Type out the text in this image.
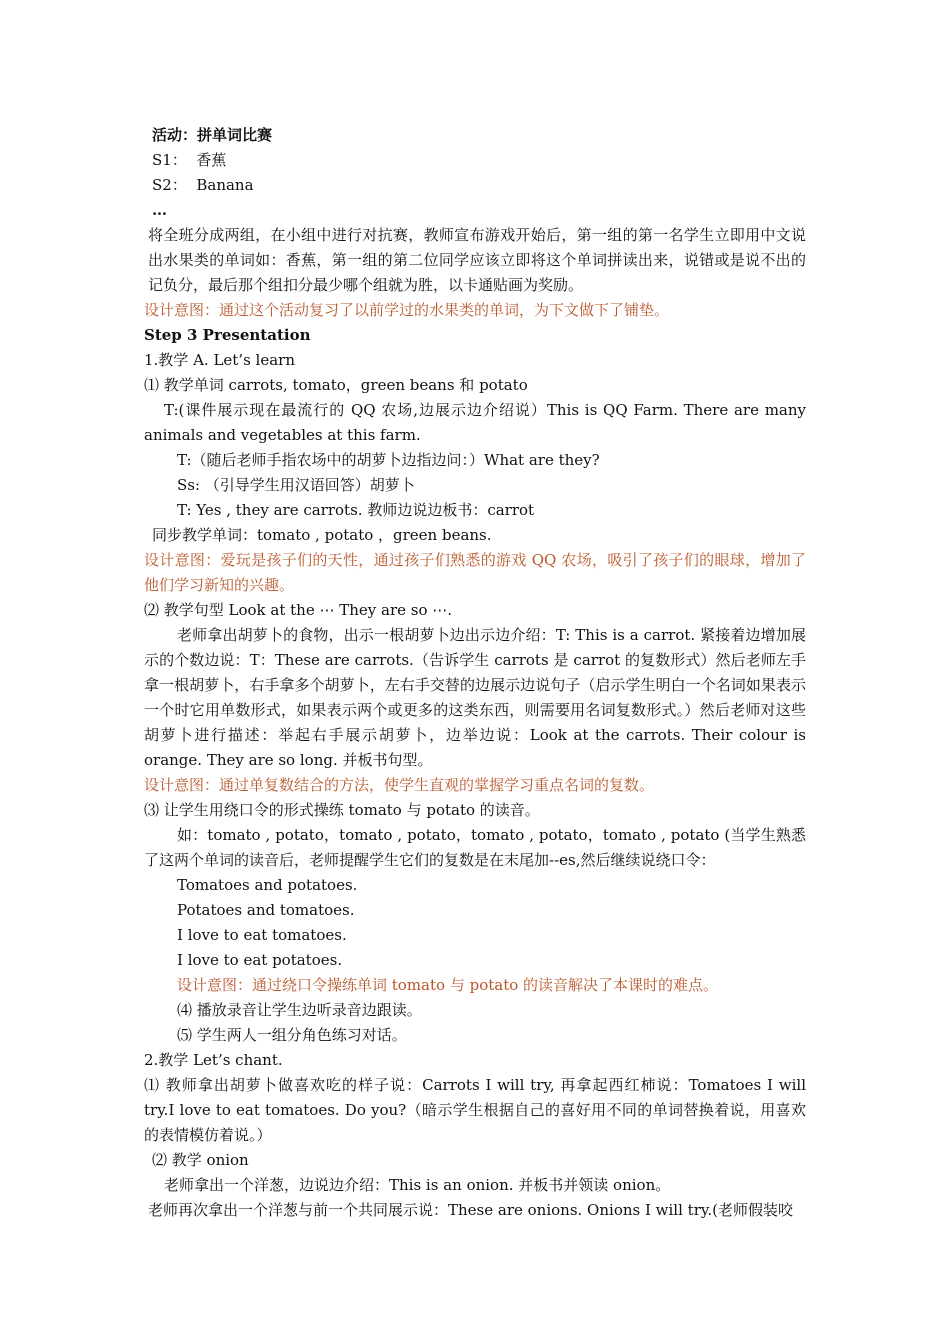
活动：拼单词比赛
S1：  香蕉
S2：  Banana
…
将全班分成两组，在小组中进行对抗赛，教师宣布游戏开始后，第一组的第一名学生立即用中文说出水果类的单词如：香蕉，第一组的第二位同学应该立即将这个单词拼读出来，说错或是说不出的记负分，最后那个组扣分最少哪个组就为胜，以卡通贴画为奖励。
设计意图：通过这个活动复习了以前学过的水果类的单词，为下文做下了铺垫。
Step 3 Presentation
1.教学 A. Let’s learn
⑴ 教学单词 carrots, tomato，green beans 和 potato
T:(课件展示现在最流行的 QQ 农场,边展示边介绍说）This is QQ Farm. There are many animals and vegetables at this farm.
T:（随后老师手指农场中的胡萝卜边指边问：）What are they?
Ss: （引导学生用汉语回答）胡萝卜
T: Yes , they are carrots. 教师边说边板书：carrot
同步教学单词：tomato , potato ，green beans.
设计意图：爱玩是孩子们的天性，通过孩子们熟悉的游戏 QQ 农场，吸引了孩子们的眼球，增加了他们学习新知的兴趣。
⑵ 教学句型 Look at the ⋯ They are so ⋯.
老师拿出胡萝卜的食物，出示一根胡萝卜边出示边介绍：T: This is a carrot. 紧接着边增加展示的个数边说：T：These are carrots.（告诉学生 carrots 是 carrot 的复数形式）然后老师左手拿一根胡萝卜，右手拿多个胡萝卜，左右手交替的边展示边说句子（启示学生明白一个名词如果表示一个时它用单数形式，如果表示两个或更多的这类东西，则需要用名词复数形式。）然后老师对这些胡萝卜进行描述：举起右手展示胡萝卜，边举边说：Look at the carrots. Their colour is orange. They are so long. 并板书句型。
设计意图：通过单复数结合的方法，使学生直观的掌握学习重点名词的复数。
⑶ 让学生用绕口令的形式操练 tomato 与 potato 的读音。
如：tomato , potato，tomato , potato，tomato , potato，tomato , potato (当学生熟悉了这两个单词的读音后，老师提醒学生它们的复数是在末尾加--es,然后继续说绕口令：
Tomatoes and potatoes.
Potatoes and tomatoes.
I love to eat tomatoes.
I love to eat potatoes.
设计意图：通过绕口令操练单词 tomato 与 potato 的读音解决了本课时的难点。
⑷ 播放录音让学生边听录音边跟读。
⑸ 学生两人一组分角色练习对话。
2.教学 Let’s chant.
⑴ 教师拿出胡萝卜做喜欢吃的样子说：Carrots I will try, 再拿起西红柿说：Tomatoes I will try.I love to eat tomatoes. Do you?（暗示学生根据自己的喜好用不同的单词替换着说，用喜欢的表情模仿着说。）
⑵ 教学 onion
老师拿出一个洋葱，边说边介绍：This is an onion. 并板书并领读 onion。
老师再次拿出一个洋葱与前一个共同展示说：These are onions. Onions I will try.(老师假装咬
